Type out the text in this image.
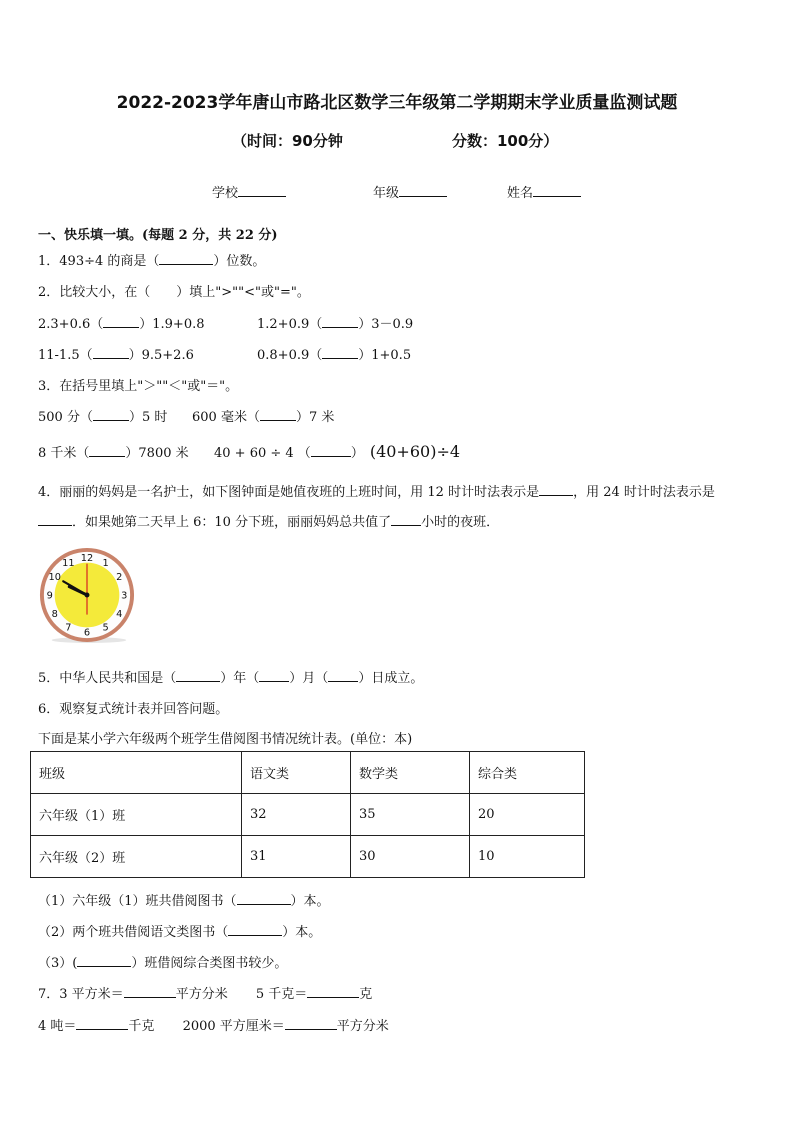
2022-2023学年唐山市路北区数学三年级第二学期期末学业质量监测试题
（时间：90分钟	分数：100分）
学校	年级	姓名
一、快乐填一填。(每题 2 分，共 22 分)
1．493÷4 的商是（	）位数。
2．比较大小，在（　　）填上">""<"或"="。
2.3+0.6（	）1.9+0.8	1.2+0.9（	）3－0.9
11-1.5（	）9.5+2.6	0.8+0.9（	）1+0.5
3．在括号里填上"＞""＜"或"＝"。
500 分（	）5 时 600 毫米（	）7 米
8 千米（	）7800 米 40 + 60 ÷ 4 （	） (40+60)÷4
4．丽丽的妈妈是一名护士，如下图钟面是她值夜班的上班时间，用 12 时计时法表示是	，用 24 时计时法表示是
．如果她第二天早上 6：10 分下班，丽丽妈妈总共值了 小时的夜班．
12 1
2
3
4
5
6
7
8
9
10
11
5．中华人民共和国是（	）年（ ）月（ ）日成立。
6．观察复式统计表并回答问题。
下面是某小学六年级两个班学生借阅图书情况统计表。(单位：本)
班级	语文类	数学类	综合类
六年级（1）班	32	35	20
六年级（2）班	31	30	10
（1）六年级（1）班共借阅图书（	）本。
（2）两个班共借阅语文类图书（	）本。
（3）(	）班借阅综合类图书较少。
7．3 平方米＝	平方分米 5 千克＝	克
4 吨＝	千克 2000 平方厘米＝	平方分米
